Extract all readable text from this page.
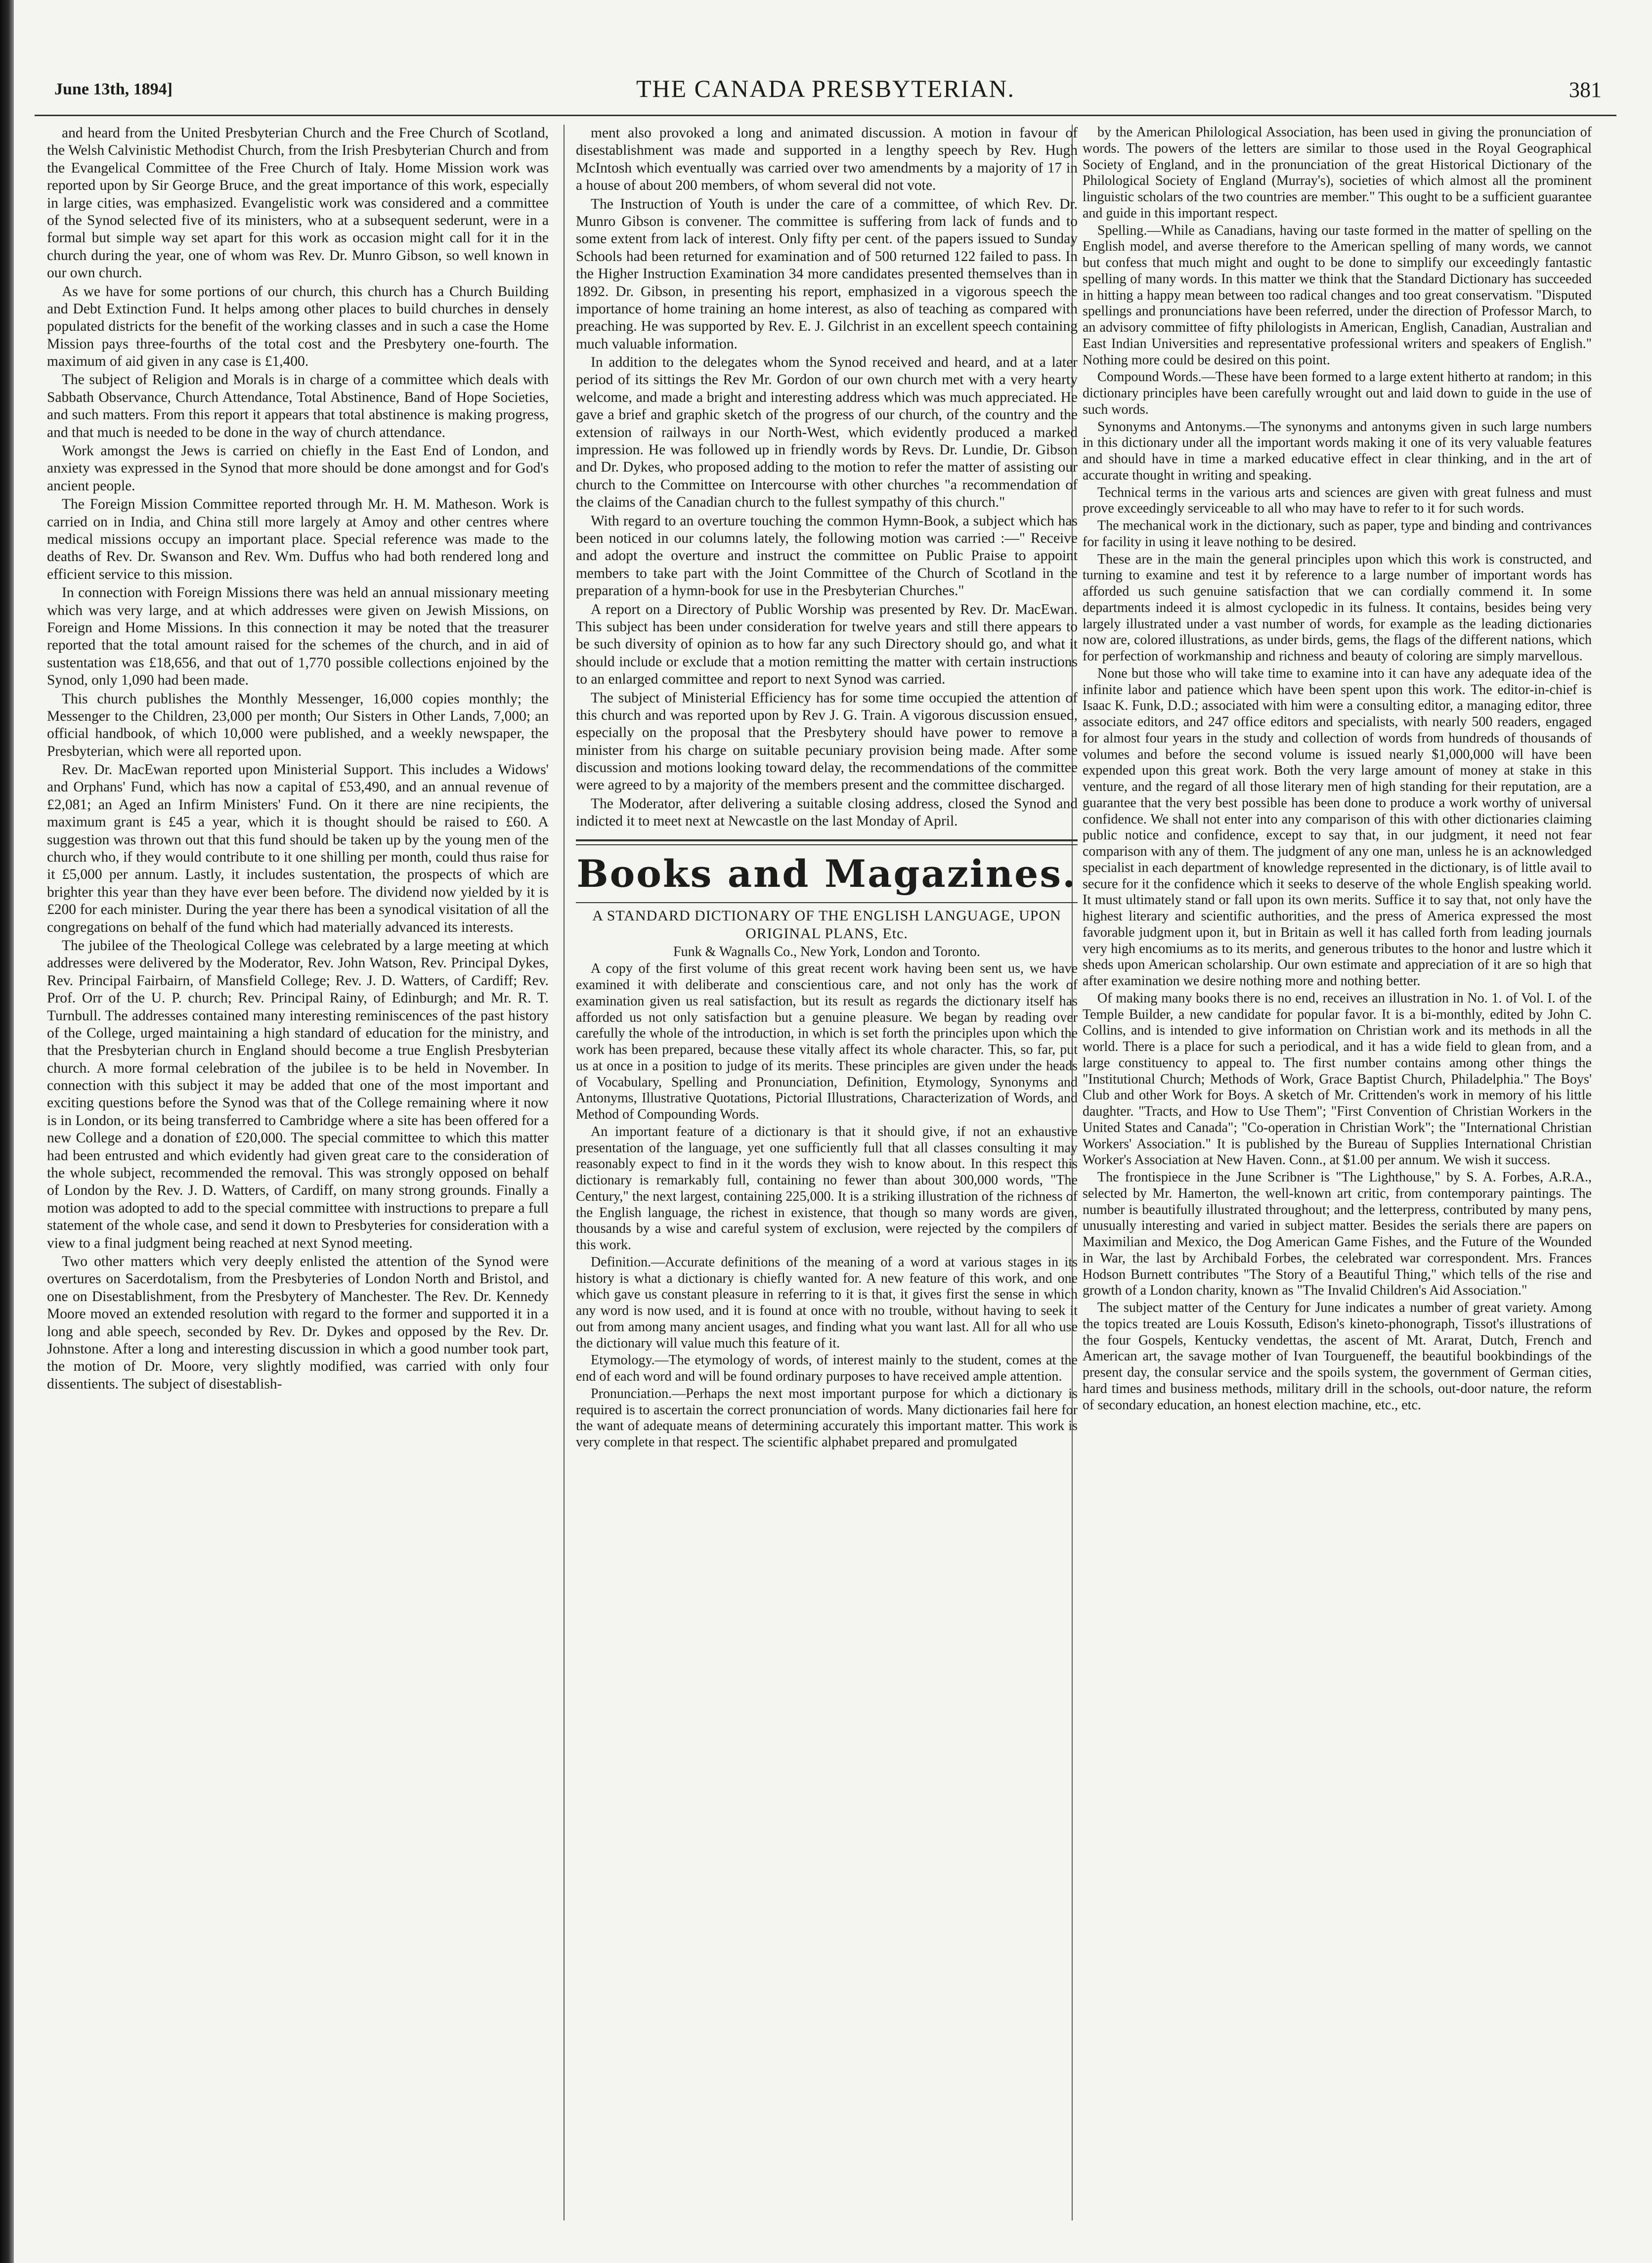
June 13th, 1894]	THE CANADA PRESBYTERIAN.	381

and heard from the United Presbyterian Church and the Free Church of Scotland, the Welsh Calvinistic Methodist Church, from the Irish Presbyterian Church and from the Evangelical Committee of the Free Church of Italy. Home Mission work was reported upon by Sir George Bruce, and the great importance of this work, especially in large cities, was emphasized. Evangelistic work was considered and a committee of the Synod selected five of its ministers, who at a subsequent sederunt, were in a formal but simple way set apart for this work as occasion might call for it in the church during the year, one of whom was Rev. Dr. Munro Gibson, so well known in our own church.

As we have for some portions of our church, this church has a Church Building and Debt Extinction Fund. It helps among other places to build churches in densely populated districts for the benefit of the working classes and in such a case the Home Mission pays three-fourths of the total cost and the Presbytery one-fourth. The maximum of aid given in any case is £1,400.

The subject of Religion and Morals is in charge of a committee which deals with Sabbath Observance, Church Attendance, Total Abstinence, Band of Hope Societies, and such matters. From this report it appears that total abstinence is making progress, and that much is needed to be done in the way of church attendance.

Work amongst the Jews is carried on chiefly in the East End of London, and anxiety was expressed in the Synod that more should be done amongst and for God's ancient people.

The Foreign Mission Committee reported through Mr. H. M. Matheson. Work is carried on in India, and China still more largely at Amoy and other centres where medical missions occupy an important place. Special reference was made to the deaths of Rev. Dr. Swanson and Rev. Wm. Duffus who had both rendered long and efficient service to this mission.

In connection with Foreign Missions there was held an annual missionary meeting which was very large, and at which addresses were given on Jewish Missions, on Foreign and Home Missions. In this connection it may be noted that the treasurer reported that the total amount raised for the schemes of the church, and in aid of sustentation was £18,656, and that out of 1,770 possible collections enjoined by the Synod, only 1,090 had been made.

This church publishes the Monthly Messenger, 16,000 copies monthly; the Messenger to the Children, 23,000 per month; Our Sisters in Other Lands, 7,000; an official handbook, of which 10,000 were published, and a weekly newspaper, the Presbyterian, which were all reported upon.

Rev. Dr. MacEwan reported upon Ministerial Support. This includes a Widows' and Orphans' Fund, which has now a capital of £53,490, and an annual revenue of £2,081; an Aged an Infirm Ministers' Fund. On it there are nine recipients, the maximum grant is £45 a year, which it is thought should be raised to £60. A suggestion was thrown out that this fund should be taken up by the young men of the church who, if they would contribute to it one shilling per month, could thus raise for it £5,000 per annum. Lastly, it includes sustentation, the prospects of which are brighter this year than they have ever been before. The dividend now yielded by it is £200 for each minister. During the year there has been a synodical visitation of all the congregations on behalf of the fund which had materially advanced its interests.

The jubilee of the Theological College was celebrated by a large meeting at which addresses were delivered by the Moderator, Rev. John Watson, Rev. Principal Dykes, Rev. Principal Fairbairn, of Mansfield College; Rev. J. D. Watters, of Cardiff; Rev. Prof. Orr of the U. P. church; Rev. Principal Rainy, of Edinburgh; and Mr. R. T. Turnbull. The addresses contained many interesting reminiscences of the past history of the College, urged maintaining a high standard of education for the ministry, and that the Presbyterian church in England should become a true English Presbyterian church. A more formal celebration of the jubilee is to be held in November. In connection with this subject it may be added that one of the most important and exciting questions before the Synod was that of the College remaining where it now is in London, or its being transferred to Cambridge where a site has been offered for a new College and a donation of £20,000. The special committee to which this matter had been entrusted and which evidently had given great care to the consideration of the whole subject, recommended the removal. This was strongly opposed on behalf of London by the Rev. J. D. Watters, of Cardiff, on many strong grounds. Finally a motion was adopted to add to the special committee with instructions to prepare a full statement of the whole case, and send it down to Presbyteries for consideration with a view to a final judgment being reached at next Synod meeting.

Two other matters which very deeply enlisted the attention of the Synod were overtures on Sacerdotalism, from the Presbyteries of London North and Bristol, and one on Disestablishment, from the Presbytery of Manchester. The Rev. Dr. Kennedy Moore moved an extended resolution with regard to the former and supported it in a long and able speech, seconded by Rev. Dr. Dykes and opposed by the Rev. Dr. Johnstone. After a long and interesting discussion in which a good number took part, the motion of Dr. Moore, very slightly modified, was carried with only four dissentients. The subject of disestablish-

ment also provoked a long and animated discussion. A motion in favour of disestablishment was made and supported in a lengthy speech by Rev. Hugh McIntosh which eventually was carried over two amendments by a majority of 17 in a house of about 200 members, of whom several did not vote.

The Instruction of Youth is under the care of a committee, of which Rev. Dr. Munro Gibson is convener. The committee is suffering from lack of funds and to some extent from lack of interest. Only fifty per cent. of the papers issued to Sunday Schools had been returned for examination and of 500 returned 122 failed to pass. In the Higher Instruction Examination 34 more candidates presented themselves than in 1892. Dr. Gibson, in presenting his report, emphasized in a vigorous speech the importance of home training an home interest, as also of teaching as compared with preaching. He was supported by Rev. E. J. Gilchrist in an excellent speech containing much valuable information.

In addition to the delegates whom the Synod received and heard, and at a later period of its sittings the Rev Mr. Gordon of our own church met with a very hearty welcome, and made a bright and interesting address which was much appreciated. He gave a brief and graphic sketch of the progress of our church, of the country and the extension of railways in our North-West, which evidently produced a marked impression. He was followed up in friendly words by Revs. Dr. Lundie, Dr. Gibson and Dr. Dykes, who proposed adding to the motion to refer the matter of assisting our church to the Committee on Intercourse with other churches "a recommendation of the claims of the Canadian church to the fullest sympathy of this church."

With regard to an overture touching the common Hymn-Book, a subject which has been noticed in our columns lately, the following motion was carried :—" Receive and adopt the overture and instruct the committee on Public Praise to appoint members to take part with the Joint Committee of the Church of Scotland in the preparation of a hymn-book for use in the Presbyterian Churches."

A report on a Directory of Public Worship was presented by Rev. Dr. MacEwan. This subject has been under consideration for twelve years and still there appears to be such diversity of opinion as to how far any such Directory should go, and what it should include or exclude that a motion remitting the matter with certain instructions to an enlarged committee and report to next Synod was carried.

The subject of Ministerial Efficiency has for some time occupied the attention of this church and was reported upon by Rev J. G. Train. A vigorous discussion ensued, especially on the proposal that the Presbytery should have power to remove a minister from his charge on suitable pecuniary provision being made. After some discussion and motions looking toward delay, the recommendations of the committee were agreed to by a majority of the members present and the committee discharged.

The Moderator, after delivering a suitable closing address, closed the Synod and indicted it to meet next at Newcastle on the last Monday of April.

Books and Magazines.

A STANDARD DICTIONARY OF THE ENGLISH LANGUAGE, UPON ORIGINAL PLANS, Etc.

Funk & Wagnalls Co., New York, London and Toronto.

A copy of the first volume of this great recent work having been sent us, we have examined it with deliberate and conscientious care, and not only has the work of examination given us real satisfaction, but its result as regards the dictionary itself has afforded us not only satisfaction but a genuine pleasure. We began by reading over carefully the whole of the introduction, in which is set forth the principles upon which the work has been prepared, because these vitally affect its whole character. This, so far, put us at once in a position to judge of its merits. These principles are given under the heads of Vocabulary, Spelling and Pronunciation, Definition, Etymology, Synonyms and Antonyms, Illustrative Quotations, Pictorial Illustrations, Characterization of Words, and Method of Compounding Words.

An important feature of a dictionary is that it should give, if not an exhaustive presentation of the language, yet one sufficiently full that all classes consulting it may reasonably expect to find in it the words they wish to know about. In this respect this dictionary is remarkably full, containing no fewer than about 300,000 words, "The Century," the next largest, containing 225,000. It is a striking illustration of the richness of the English language, the richest in existence, that though so many words are given, thousands by a wise and careful system of exclusion, were rejected by the compilers of this work.

Definition.—Accurate definitions of the meaning of a word at various stages in its history is what a dictionary is chiefly wanted for. A new feature of this work, and one which gave us constant pleasure in referring to it is that, it gives first the sense in which any word is now used, and it is found at once with no trouble, without having to seek it out from among many ancient usages, and finding what you want last. All for all who use the dictionary will value much this feature of it.

Etymology.—The etymology of words, of interest mainly to the student, comes at the end of each word and will be found ordinary purposes to have received ample attention.

Pronunciation.—Perhaps the next most important purpose for which a dictionary is required is to ascertain the correct pronunciation of words. Many dictionaries fail here for the want of adequate means of determining accurately this important matter. This work is very complete in that respect. The scientific alphabet prepared and promulgated

by the American Philological Association, has been used in giving the pronunciation of words. The powers of the letters are similar to those used in the Royal Geographical Society of England, and in the pronunciation of the great Historical Dictionary of the Philological Society of England (Murray's), societies of which almost all the prominent linguistic scholars of the two countries are member." This ought to be a sufficient guarantee and guide in this important respect.

Spelling.—While as Canadians, having our taste formed in the matter of spelling on the English model, and averse therefore to the American spelling of many words, we cannot but confess that much might and ought to be done to simplify our exceedingly fantastic spelling of many words. In this matter we think that the Standard Dictionary has succeeded in hitting a happy mean between too radical changes and too great conservatism. "Disputed spellings and pronunciations have been referred, under the direction of Professor March, to an advisory committee of fifty philologists in American, English, Canadian, Australian and East Indian Universities and representative professional writers and speakers of English." Nothing more could be desired on this point.

Compound Words.—These have been formed to a large extent hitherto at random; in this dictionary principles have been carefully wrought out and laid down to guide in the use of such words.

Synonyms and Antonyms.—The synonyms and antonyms given in such large numbers in this dictionary under all the important words making it one of its very valuable features and should have in time a marked educative effect in clear thinking, and in the art of accurate thought in writing and speaking.

Technical terms in the various arts and sciences are given with great fulness and must prove exceedingly serviceable to all who may have to refer to it for such words.

The mechanical work in the dictionary, such as paper, type and binding and contrivances for facility in using it leave nothing to be desired.

These are in the main the general principles upon which this work is constructed, and turning to examine and test it by reference to a large number of important words has afforded us such genuine satisfaction that we can cordially commend it. In some departments indeed it is almost cyclopedic in its fulness. It contains, besides being very largely illustrated under a vast number of words, for example as the leading dictionaries now are, colored illustrations, as under birds, gems, the flags of the different nations, which for perfection of workmanship and richness and beauty of coloring are simply marvellous.

None but those who will take time to examine into it can have any adequate idea of the infinite labor and patience which have been spent upon this work. The editor-in-chief is Isaac K. Funk, D.D.; associated with him were a consulting editor, a managing editor, three associate editors, and 247 office editors and specialists, with nearly 500 readers, engaged for almost four years in the study and collection of words from hundreds of thousands of volumes and before the second volume is issued nearly $1,000,000 will have been expended upon this great work. Both the very large amount of money at stake in this venture, and the regard of all those literary men of high standing for their reputation, are a guarantee that the very best possible has been done to produce a work worthy of universal confidence. We shall not enter into any comparison of this with other dictionaries claiming public notice and confidence, except to say that, in our judgment, it need not fear comparison with any of them. The judgment of any one man, unless he is an acknowledged specialist in each department of knowledge represented in the dictionary, is of little avail to secure for it the confidence which it seeks to deserve of the whole English speaking world. It must ultimately stand or fall upon its own merits. Suffice it to say that, not only have the highest literary and scientific authorities, and the press of America expressed the most favorable judgment upon it, but in Britain as well it has called forth from leading journals very high encomiums as to its merits, and generous tributes to the honor and lustre which it sheds upon American scholarship. Our own estimate and appreciation of it are so high that after examination we desire nothing more and nothing better.

Of making many books there is no end, receives an illustration in No. 1. of Vol. I. of the Temple Builder, a new candidate for popular favor. It is a bi-monthly, edited by John C. Collins, and is intended to give information on Christian work and its methods in all the world. There is a place for such a periodical, and it has a wide field to glean from, and a large constituency to appeal to. The first number contains among other things the "Institutional Church; Methods of Work, Grace Baptist Church, Philadelphia." The Boys' Club and other Work for Boys. A sketch of Mr. Crittenden's work in memory of his little daughter. "Tracts, and How to Use Them"; "First Convention of Christian Workers in the United States and Canada"; "Co-operation in Christian Work"; the "International Christian Workers' Association." It is published by the Bureau of Supplies International Christian Worker's Association at New Haven. Conn., at $1.00 per annum. We wish it success.

The frontispiece in the June Scribner is "The Lighthouse," by S. A. Forbes, A.R.A., selected by Mr. Hamerton, the well-known art critic, from contemporary paintings. The number is beautifully illustrated throughout; and the letterpress, contributed by many pens, unusually interesting and varied in subject matter. Besides the serials there are papers on Maximilian and Mexico, the Dog American Game Fishes, and the Future of the Wounded in War, the last by Archibald Forbes, the celebrated war correspondent. Mrs. Frances Hodson Burnett contributes "The Story of a Beautiful Thing," which tells of the rise and growth of a London charity, known as "The Invalid Children's Aid Association."

The subject matter of the Century for June indicates a number of great variety. Among the topics treated are Louis Kossuth, Edison's kineto-phonograph, Tissot's illustrations of the four Gospels, Kentucky vendettas, the ascent of Mt. Ararat, Dutch, French and American art, the savage mother of Ivan Tourgueneff, the beautiful bookbindings of the present day, the consular service and the spoils system, the government of German cities, hard times and business methods, military drill in the schools, out-door nature, the reform of secondary education, an honest election machine, etc., etc.
